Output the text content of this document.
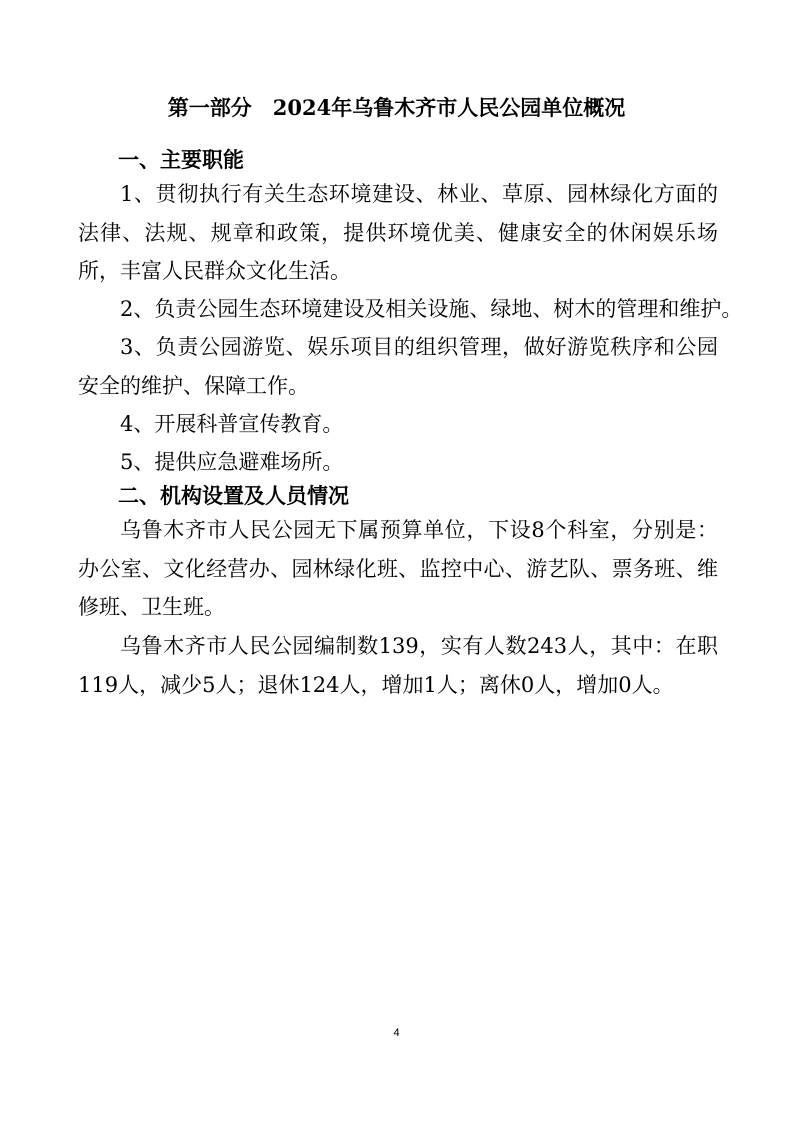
第一部分　2024年乌鲁木齐市人民公园单位概况
一、主要职能

1、贯彻执行有关生态环境建设、林业、草原、园林绿化方面的法律、法规、规章和政策，提供环境优美、健康安全的休闲娱乐场所，丰富人民群众文化生活。

2、负责公园生态环境建设及相关设施、绿地、树木的管理和维护。

3、负责公园游览、娱乐项目的组织管理，做好游览秩序和公园安全的维护、保障工作。

4、开展科普宣传教育。

5、提供应急避难场所。

二、机构设置及人员情况

乌鲁木齐市人民公园无下属预算单位，下设8个科室，分别是：办公室、文化经营办、园林绿化班、监控中心、游艺队、票务班、维修班、卫生班。

乌鲁木齐市人民公园编制数139，实有人数243人，其中：在职119人，减少5人；退休124人，增加1人；离休0人，增加0人。

4
